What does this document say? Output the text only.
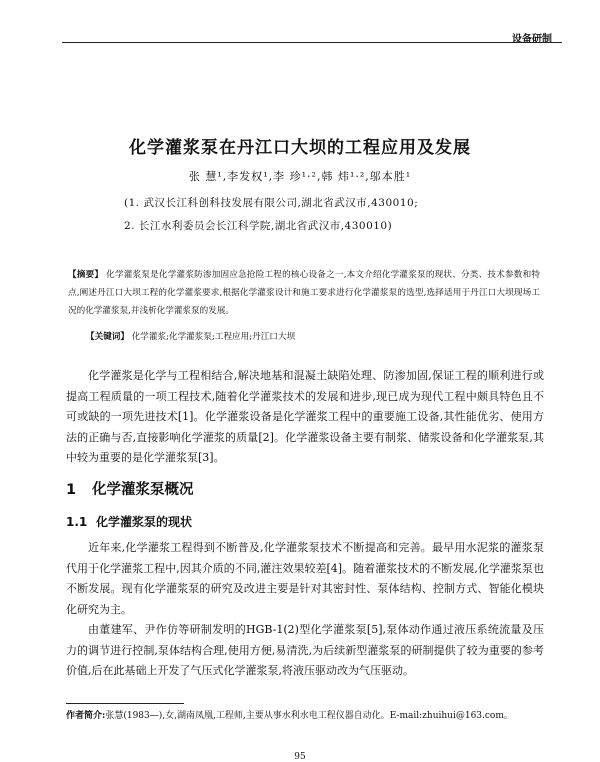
设备研制
化学灌浆泵在丹江口大坝的工程应用及发展
张 慧¹,李发权¹,李 珍¹·²,韩 炜¹·²,邬本胜¹
(1. 武汉长江科创科技发展有限公司,湖北省武汉市,430010;
2. 长江水利委员会长江科学院,湖北省武汉市,430010)
【摘要】 化学灌浆泵是化学灌浆防渗加固应急抢险工程的核心设备之一,本文介绍化学灌浆泵的现状、分类、技术参数和特点,阐述丹江口大坝工程的化学灌浆要求,根据化学灌浆设计和施工要求进行化学灌浆泵的选型,选择适用于丹江口大坝现场工况的化学灌浆泵,并浅析化学灌浆泵的发展。
【关键词】 化学灌浆;化学灌浆泵;工程应用;丹江口大坝
化学灌浆是化学与工程相结合,解决地基和混凝土缺陷处理、防渗加固,保证工程的顺利进行或提高工程质量的一项工程技术,随着化学灌浆技术的发展和进步,现已成为现代工程中颇具特色且不可或缺的一项先进技术[1]。化学灌浆设备是化学灌浆工程中的重要施工设备,其性能优劣、使用方法的正确与否,直接影响化学灌浆的质量[2]。化学灌浆设备主要有制浆、储浆设备和化学灌浆泵,其中较为重要的是化学灌浆泵[3]。
1 化学灌浆泵概况
1.1 化学灌浆泵的现状
近年来,化学灌浆工程得到不断普及,化学灌浆泵技术不断提高和完善。最早用水泥浆的灌浆泵代用于化学灌浆工程中,因其介质的不同,灌注效果较差[4]。随着灌浆技术的不断发展,化学灌浆泵也不断发展。现有化学灌浆泵的研究及改进主要是针对其密封性、泵体结构、控制方式、智能化模块化研究为主。
由董建军、尹作仿等研制发明的HGB-1(2)型化学灌浆泵[5],泵体动作通过液压系统流量及压力的调节进行控制,泵体结构合理,使用方便,易清洗,为后续新型灌浆泵的研制提供了较为重要的参考价值,后在此基础上开发了气压式化学灌浆泵,将液压驱动改为气压驱动。
作者简介:张慧(1983—),女,湖南凤凰,工程师,主要从事水利水电工程仪器自动化。E-mail:zhuihui@163.com。
95
